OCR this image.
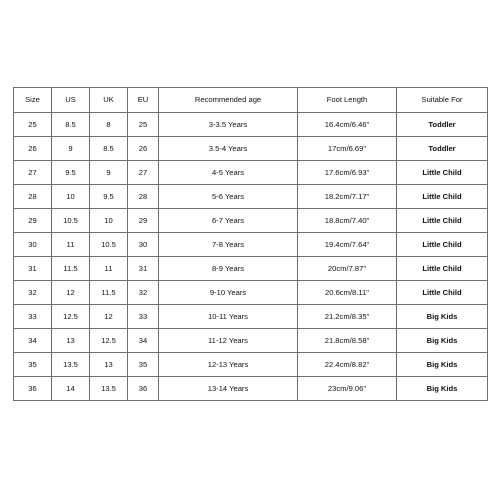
Size	US	UK	EU	Recommended age	Foot Length	Suitable For
25	8.5	8	25	3-3.5 Years	16.4cm/6.46"	Toddler
26	9	8.5	26	3.5-4 Years	17cm/6.69"	Toddler
27	9.5	9	27	4-5 Years	17.6cm/6.93"	Little Child
28	10	9.5	28	5-6 Years	18.2cm/7.17"	Little Child
29	10.5	10	29	6-7 Years	18.8cm/7.40"	Little Child
30	11	10.5	30	7-8 Years	19.4cm/7.64"	Little Child
31	11.5	11	31	8-9 Years	20cm/7.87"	Little Child
32	12	11.5	32	9-10 Years	20.6cm/8.11"	Little Child
33	12.5	12	33	10-11 Years	21.2cm/8.35"	Big Kids
34	13	12.5	34	11-12 Years	21.8cm/8.58"	Big Kids
35	13.5	13	35	12-13 Years	22.4cm/8.82"	Big Kids
36	14	13.5	36	13-14 Years	23cm/9.06"	Big Kids
